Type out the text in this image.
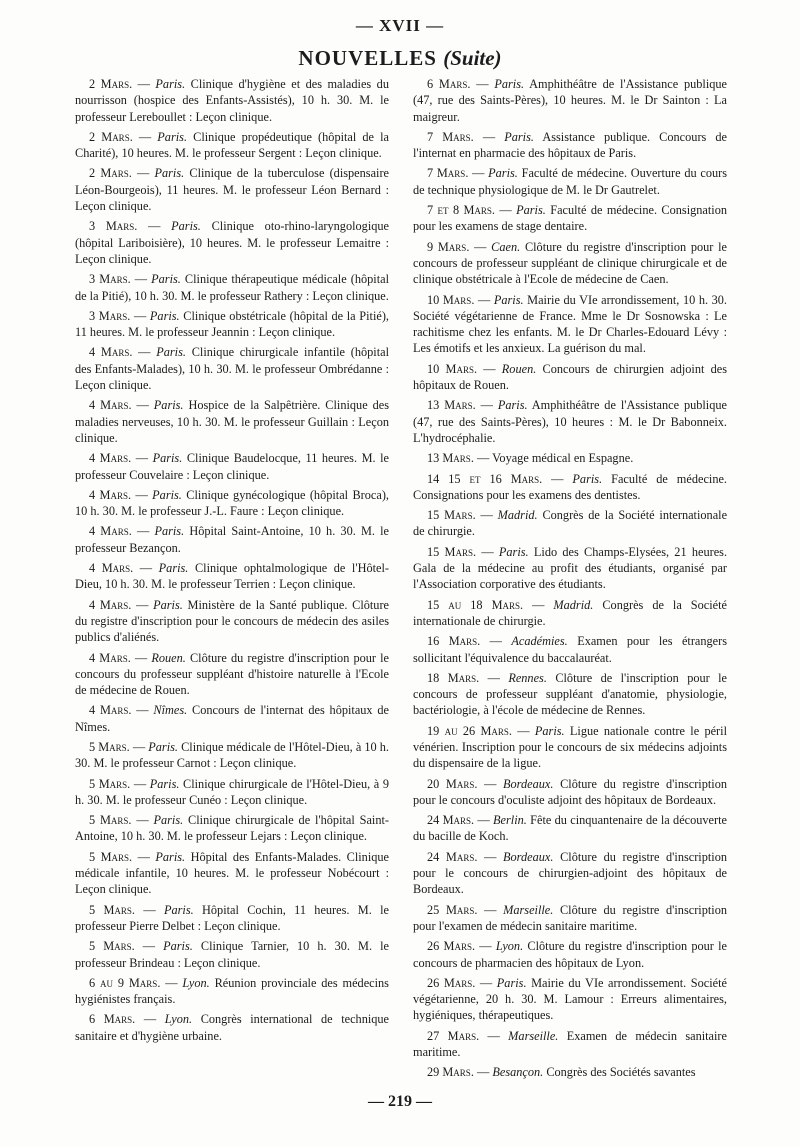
— XVII —
NOUVELLES (Suite)

2 Mars. — Paris. Clinique d'hygiène et des maladies du nourrisson (hospice des Enfants-Assistés), 10 h. 30. M. le professeur Lereboullet : Leçon clinique.

2 Mars. — Paris. Clinique propédeutique (hôpital de la Charité), 10 heures. M. le professeur Sergent : Leçon clinique.

2 Mars. — Paris. Clinique de la tuberculose (dispensaire Léon-Bourgeois), 11 heures. M. le professeur Léon Bernard : Leçon clinique.

3 Mars. — Paris. Clinique oto-rhino-laryngologique (hôpital Lariboisière), 10 heures. M. le professeur Lemaitre : Leçon clinique.

3 Mars. — Paris. Clinique thérapeutique médicale (hôpital de la Pitié), 10 h. 30. M. le professeur Rathery : Leçon clinique.

3 Mars. — Paris. Clinique obstétricale (hôpital de la Pitié), 11 heures. M. le professeur Jeannin : Leçon clinique.

4 Mars. — Paris. Clinique chirurgicale infantile (hôpital des Enfants-Malades), 10 h. 30. M. le professeur Ombrédanne : Leçon clinique.

4 Mars. — Paris. Hospice de la Salpêtrière. Clinique des maladies nerveuses, 10 h. 30. M. le professeur Guillain : Leçon clinique.

4 Mars. — Paris. Clinique Baudelocque, 11 heures. M. le professeur Couvelaire : Leçon clinique.

4 Mars. — Paris. Clinique gynécologique (hôpital Broca), 10 h. 30. M. le professeur J.-L. Faure : Leçon clinique.

4 Mars. — Paris. Hôpital Saint-Antoine, 10 h. 30. M. le professeur Bezançon.

4 Mars. — Paris. Clinique ophtalmologique de l'Hôtel-Dieu, 10 h. 30. M. le professeur Terrien : Leçon clinique.

4 Mars. — Paris. Ministère de la Santé publique. Clôture du registre d'inscription pour le concours de médecin des asiles publics d'aliénés.

4 Mars. — Rouen. Clôture du registre d'inscription pour le concours du professeur suppléant d'histoire naturelle à l'Ecole de médecine de Rouen.

4 Mars. — Nîmes. Concours de l'internat des hôpitaux de Nîmes.

5 Mars. — Paris. Clinique médicale de l'Hôtel-Dieu, à 10 h. 30. M. le professeur Carnot : Leçon clinique.

5 Mars. — Paris. Clinique chirurgicale de l'Hôtel-Dieu, à 9 h. 30. M. le professeur Cunéo : Leçon clinique.

5 Mars. — Paris. Clinique chirurgicale de l'hôpital Saint-Antoine, 10 h. 30. M. le professeur Lejars : Leçon clinique.

5 Mars. — Paris. Hôpital des Enfants-Malades. Clinique médicale infantile, 10 heures. M. le professeur Nobécourt : Leçon clinique.

5 Mars. — Paris. Hôpital Cochin, 11 heures. M. le professeur Pierre Delbet : Leçon clinique.

5 Mars. — Paris. Clinique Tarnier, 10 h. 30. M. le professeur Brindeau : Leçon clinique.

6 au 9 Mars. — Lyon. Réunion provinciale des médecins hygiénistes français.

6 Mars. — Lyon. Congrès international de technique sanitaire et d'hygiène urbaine.

6 Mars. — Paris. Amphithéâtre de l'Assistance publique (47, rue des Saints-Pères), 10 heures. M. le Dr Sainton : La maigreur.

7 Mars. — Paris. Assistance publique. Concours de l'internat en pharmacie des hôpitaux de Paris.

7 Mars. — Paris. Faculté de médecine. Ouverture du cours de technique physiologique de M. le Dr Gautrelet.

7 et 8 Mars. — Paris. Faculté de médecine. Consignation pour les examens de stage dentaire.

9 Mars. — Caen. Clôture du registre d'inscription pour le concours de professeur suppléant de clinique chirurgicale et de clinique obstétricale à l'Ecole de médecine de Caen.

10 Mars. — Paris. Mairie du VIe arrondissement, 10 h. 30. Société végétarienne de France. Mme le Dr Sosnowska : Le rachitisme chez les enfants. M. le Dr Charles-Edouard Lévy : Les émotifs et les anxieux. La guérison du mal.

10 Mars. — Rouen. Concours de chirurgien adjoint des hôpitaux de Rouen.

13 Mars. — Paris. Amphithéâtre de l'Assistance publique (47, rue des Saints-Pères), 10 heures : M. le Dr Babonneix. L'hydrocéphalie.

13 Mars. — Voyage médical en Espagne.

14 15 et 16 Mars. — Paris. Faculté de médecine. Consignations pour les examens des dentistes.

15 Mars. — Madrid. Congrès de la Société internationale de chirurgie.

15 Mars. — Paris. Lido des Champs-Elysées, 21 heures. Gala de la médecine au profit des étudiants, organisé par l'Association corporative des étudiants.

15 au 18 Mars. — Madrid. Congrès de la Société internationale de chirurgie.

16 Mars. — Académies. Examen pour les étrangers sollicitant l'équivalence du baccalauréat.

18 Mars. — Rennes. Clôture de l'inscription pour le concours de professeur suppléant d'anatomie, physiologie, bactériologie, à l'école de médecine de Rennes.

19 au 26 Mars. — Paris. Ligue nationale contre le péril vénérien. Inscription pour le concours de six médecins adjoints du dispensaire de la ligue.

20 Mars. — Bordeaux. Clôture du registre d'inscription pour le concours d'oculiste adjoint des hôpitaux de Bordeaux.

24 Mars. — Berlin. Fête du cinquantenaire de la découverte du bacille de Koch.

24 Mars. — Bordeaux. Clôture du registre d'inscription pour le concours de chirurgien-adjoint des hôpitaux de Bordeaux.

25 Mars. — Marseille. Clôture du registre d'inscription pour l'examen de médecin sanitaire maritime.

26 Mars. — Lyon. Clôture du registre d'inscription pour le concours de pharmacien des hôpitaux de Lyon.

26 Mars. — Paris. Mairie du VIe arrondissement. Société végétarienne, 20 h. 30. M. Lamour : Erreurs alimentaires, hygiéniques, thérapeutiques.

27 Mars. — Marseille. Examen de médecin sanitaire maritime.

29 Mars. — Besançon. Congrès des Sociétés savantes

— 219 —
